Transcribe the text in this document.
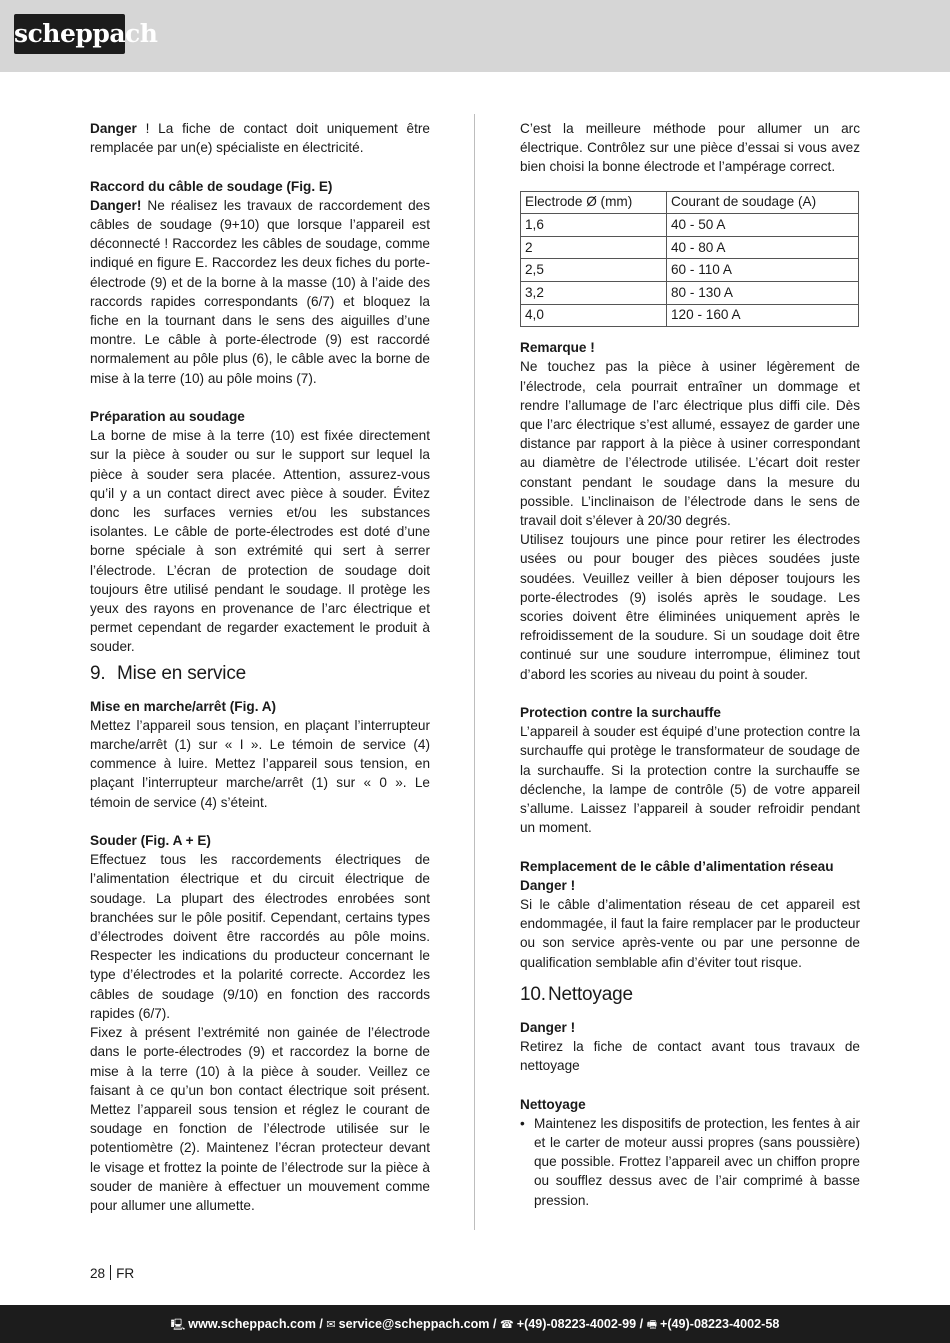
scheppach

Danger ! La fiche de contact doit uniquement être remplacée par un(e) spécialiste en électricité.

Raccord du câble de soudage (Fig. E)

Danger! Ne réalisez les travaux de raccordement des câbles de soudage (9+10) que lorsque l’appareil est déconnecté ! Raccordez les câbles de soudage, comme indiqué en figure E. Raccordez les deux fiches du porte-électrode (9) et de la borne à la masse (10) à l’aide des raccords rapides correspondants (6/7) et bloquez la fiche en la tournant dans le sens des aiguilles d’une montre. Le câble à porte-électrode (9) est raccordé normalement au pôle plus (6), le câble avec la borne de mise à la terre (10) au pôle moins (7).

Préparation au soudage

La borne de mise à la terre (10) est fixée directement sur la pièce à souder ou sur le support sur lequel la pièce à souder sera placée. Attention, assurez-vous qu’il y a un contact direct avec pièce à souder. Évitez donc les surfaces vernies et/ou les substances isolantes. Le câble de porte-électrodes est doté d’une borne spéciale à son extrémité qui sert à serrer l’électrode. L’écran de protection de soudage doit toujours être utilisé pendant le soudage. Il protège les yeux des rayons en provenance de l’arc électrique et permet cependant de regarder exactement le produit à souder.

9. Mise en service
Mise en marche/arrêt (Fig. A)

Mettez l’appareil sous tension, en plaçant l’interrupteur marche/arrêt (1) sur « I ». Le témoin de service (4) commence à luire. Mettez l’appareil sous tension, en plaçant l’interrupteur marche/arrêt (1) sur « 0 ». Le témoin de service (4) s’éteint.

Souder (Fig. A + E)

Effectuez tous les raccordements électriques de l’alimentation électrique et du circuit électrique de soudage. La plupart des électrodes enrobées sont branchées sur le pôle positif. Cependant, certains types d’électrodes doivent être raccordés au pôle moins. Respecter les indications du producteur concernant le type d’électrodes et la polarité correcte. Accordez les câbles de soudage (9/10) en fonction des raccords rapides (6/7).

Fixez à présent l’extrémité non gainée de l’électrode dans le porte-électrodes (9) et raccordez la borne de mise à la terre (10) à la pièce à souder. Veillez ce faisant à ce qu’un bon contact électrique soit présent. Mettez l’appareil sous tension et réglez le courant de soudage en fonction de l’électrode utilisée sur le potentiomètre (2). Maintenez l’écran protecteur devant le visage et frottez la pointe de l’électrode sur la pièce à souder de manière à effectuer un mouvement comme pour allumer une allumette.

C’est la meilleure méthode pour allumer un arc électrique. Contrôlez sur une pièce d’essai si vous avez bien choisi la bonne électrode et l’ampérage correct.

Electrode Ø (mm)	Courant de soudage (A)
1,6	40 - 50 A
2	40 - 80 A
2,5	60 - 110 A
3,2	80 - 130 A
4,0	120 - 160 A
Remarque !

Ne touchez pas la pièce à usiner légèrement de l’électrode, cela pourrait entraîner un dommage et rendre l’allumage de l’arc électrique plus diffi cile. Dès que l’arc électrique s’est allumé, essayez de garder une distance par rapport à la pièce à usiner correspondant au diamètre de l’électrode utilisée. L’écart doit rester constant pendant le soudage dans la mesure du possible. L’inclinaison de l’électrode dans le sens de travail doit s’élever à 20/30 degrés.

Utilisez toujours une pince pour retirer les électrodes usées ou pour bouger des pièces soudées juste soudées. Veuillez veiller à bien déposer toujours les porte-électrodes (9) isolés après le soudage. Les scories doivent être éliminées uniquement après le refroidissement de la soudure. Si un soudage doit être continué sur une soudure interrompue, éliminez tout d’abord les scories au niveau du point à souder.

Protection contre la surchauffe

L’appareil à souder est équipé d’une protection contre la surchauffe qui protège le transformateur de soudage de la surchauffe. Si la protection contre la surchauffe se déclenche, la lampe de contrôle (5) de votre appareil s’allume. Laissez l’appareil à souder refroidir pendant un moment.

Remplacement de le câble d’alimentation réseau
Danger !

Si le câble d’alimentation réseau de cet appareil est endommagée, il faut la faire remplacer par le producteur ou son service après-vente ou par une personne de qualification semblable afin d’éviter tout risque.

10. Nettoyage
Danger !

Retirez la fiche de contact avant tous travaux de nettoyage

Nettoyage
• Maintenez les dispositifs de protection, les fentes à air et le carter de moteur aussi propres (sans poussière) que possible. Frottez l’appareil avec un chiffon propre ou soufflez dessus avec de l’air comprimé à basse pression.
28 FR
🖳 www.scheppach.com / ✉ service@scheppach.com / ☎ +(49)-08223-4002-99 / 🖷 +(49)-08223-4002-58
